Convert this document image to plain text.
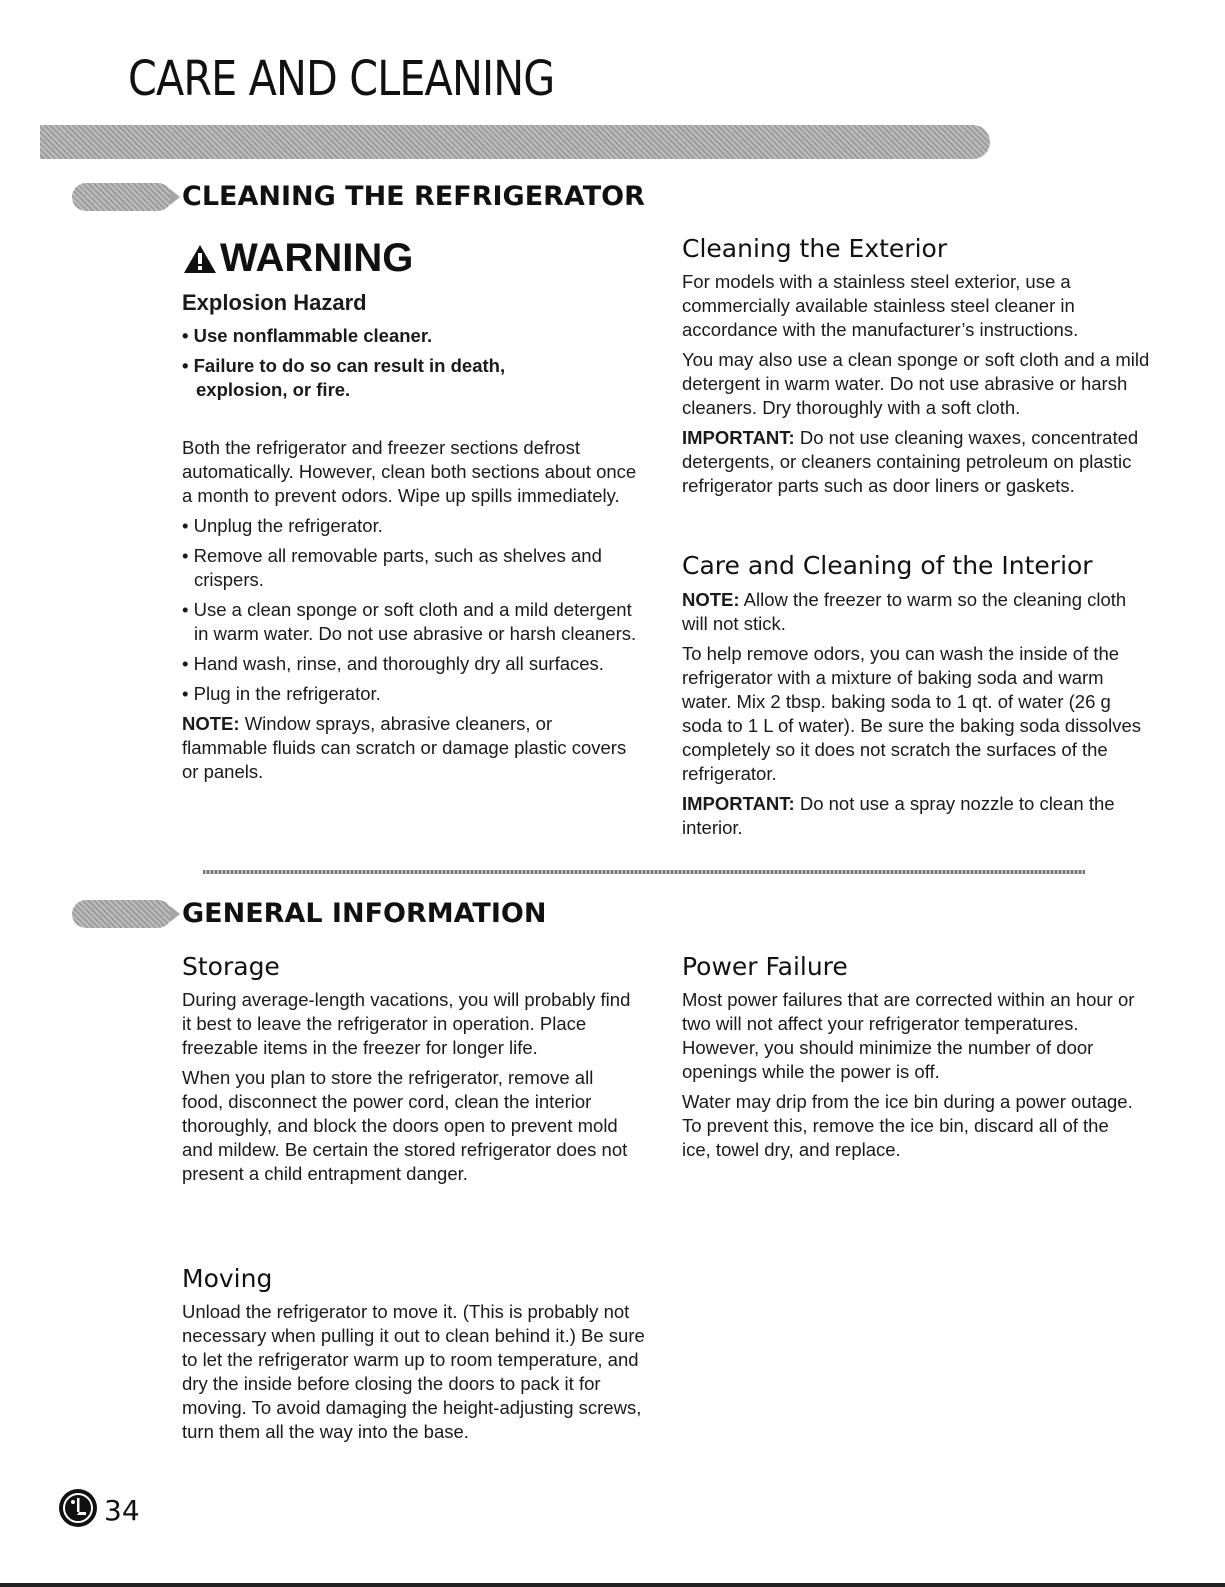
CARE AND CLEANING
CLEANING THE REFRIGERATOR
WARNING
Explosion Hazard
• Use nonflammable cleaner.
• Failure to do so can result in death, explosion, or fire.

Both the refrigerator and freezer sections defrost automatically. However, clean both sections about once a month to prevent odors. Wipe up spills immediately.

• Unplug the refrigerator.
• Remove all removable parts, such as shelves and crispers.
• Use a clean sponge or soft cloth and a mild detergent in warm water. Do not use abrasive or harsh cleaners.
• Hand wash, rinse, and thoroughly dry all surfaces.
• Plug in the refrigerator.

NOTE: Window sprays, abrasive cleaners, or flammable fluids can scratch or damage plastic covers or panels.

Cleaning the Exterior

For models with a stainless steel exterior, use a commercially available stainless steel cleaner in accordance with the manufacturer’s instructions.

You may also use a clean sponge or soft cloth and a mild detergent in warm water. Do not use abrasive or harsh cleaners. Dry thoroughly with a soft cloth.

IMPORTANT: Do not use cleaning waxes, concentrated detergents, or cleaners containing petroleum on plastic refrigerator parts such as door liners or gaskets.

Care and Cleaning of the Interior

NOTE: Allow the freezer to warm so the cleaning cloth will not stick.

To help remove odors, you can wash the inside of the refrigerator with a mixture of baking soda and warm water. Mix 2 tbsp. baking soda to 1 qt. of water (26 g soda to 1 L of water). Be sure the baking soda dissolves completely so it does not scratch the surfaces of the refrigerator.

IMPORTANT: Do not use a spray nozzle to clean the interior.

GENERAL INFORMATION
Storage

During average-length vacations, you will probably find it best to leave the refrigerator in operation. Place freezable items in the freezer for longer life.

When you plan to store the refrigerator, remove all food, disconnect the power cord, clean the interior thoroughly, and block the doors open to prevent mold and mildew. Be certain the stored refrigerator does not present a child entrapment danger.

Moving

Unload the refrigerator to move it. (This is probably not necessary when pulling it out to clean behind it.) Be sure to let the refrigerator warm up to room temperature, and dry the inside before closing the doors to pack it for moving. To avoid damaging the height-adjusting screws, turn them all the way into the base.

Power Failure

Most power failures that are corrected within an hour or two will not affect your refrigerator temperatures. However, you should minimize the number of door openings while the power is off.

Water may drip from the ice bin during a power outage. To prevent this, remove the ice bin, discard all of the ice, towel dry, and replace.

34
